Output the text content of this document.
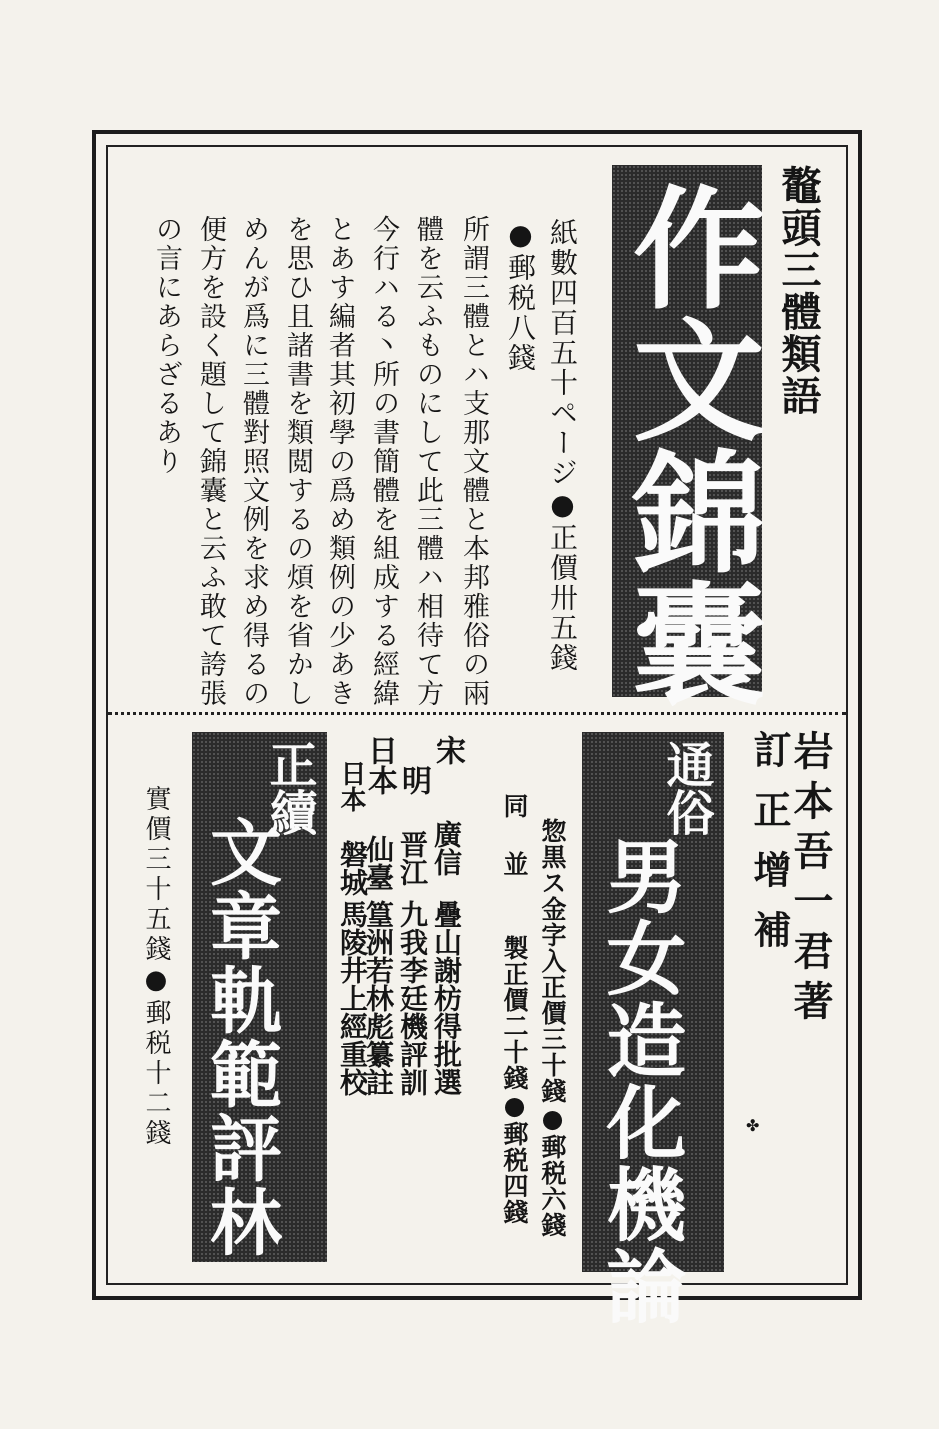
鼇頭三體類語
作文錦囊
紙數四百五十ページ●正價卅五錢
●郵税八錢
所謂三體とハ支那文體と本邦雅俗の兩
體を云ふものにして此三體ハ相待て方
今行ハる丶所の書簡體を組成する經緯
とあす編者其初學の爲め類例の少あき
を思ひ且諸書を類閲するの煩を省かし
めんが爲に三體對照文例を求め得るの
便方を設く題して錦囊と云ふ敢て誇張
の言にあらざるあり
岩本吾一君著
訂正增補
✤
通俗
男女造化機論
惣黒ス金字入正價三十錢●郵税六錢
同　並
製正價二十錢●郵税四錢
宋
廣信
疊山謝枋得批選
明
晋江
九我李廷機評訓
日本
仙臺
篁洲若林彪纂註
日本
磐城
馬陵井上經重校
正續
文章軌範評林
實價三十五錢●郵税十二錢
